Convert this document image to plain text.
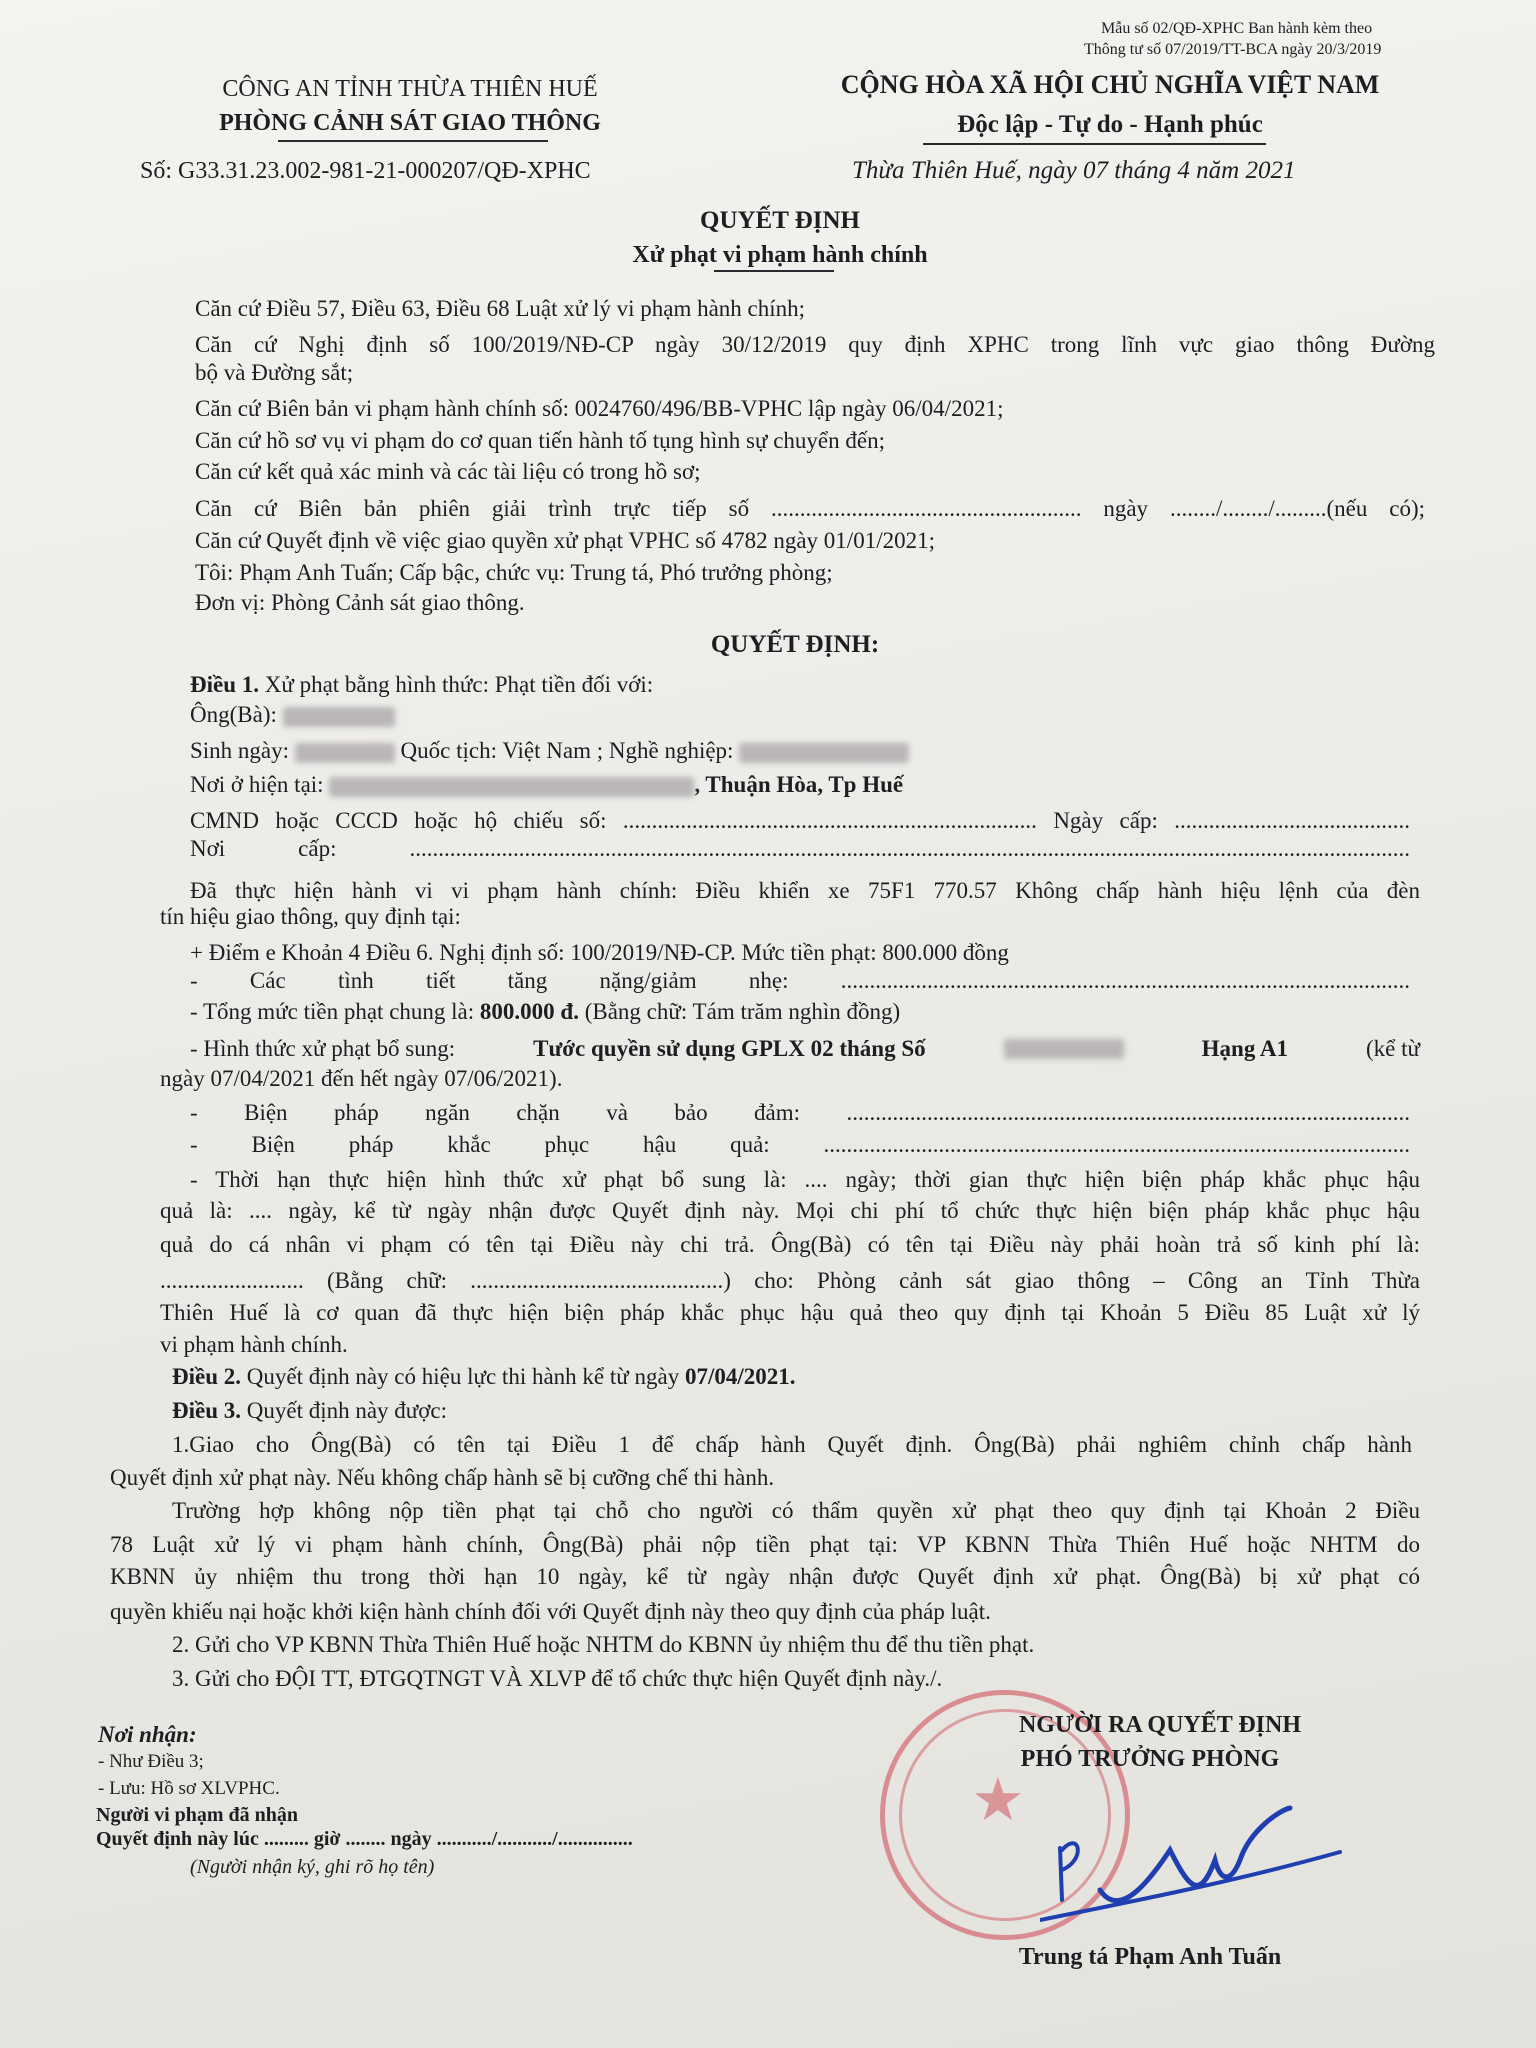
Mẫu số 02/QĐ-XPHC Ban hành kèm theo
Thông tư số 07/2019/TT-BCA ngày 20/3/2019
CÔNG AN TỈNH THỪA THIÊN HUẾ
PHÒNG CẢNH SÁT GIAO THÔNG
Số: G33.31.23.002-981-21-000207/QĐ-XPHC
CỘNG HÒA XÃ HỘI CHỦ NGHĨA VIỆT NAM
Độc lập - Tự do - Hạnh phúc
Thừa Thiên Huế, ngày 07 tháng 4 năm 2021
QUYẾT ĐỊNH
Xử phạt vi phạm hành chính
Căn cứ Điều 57, Điều 63, Điều 68 Luật xử lý vi phạm hành chính;
Căn cứ Nghị định số 100/2019/NĐ-CP ngày 30/12/2019 quy định XPHC trong lĩnh vực giao thông Đường
bộ và Đường sắt;
Căn cứ Biên bản vi phạm hành chính số: 0024760/496/BB-VPHC lập ngày 06/04/2021;
Căn cứ hồ sơ vụ vi phạm do cơ quan tiến hành tố tụng hình sự chuyển đến;
Căn cứ kết quả xác minh và các tài liệu có trong hồ sơ;
Căn cứ Biên bản phiên giải trình trực tiếp số ...................................................... ngày ......../......../.........(nếu có);
Căn cứ Quyết định về việc giao quyền xử phạt VPHC số 4782 ngày 01/01/2021;
Tôi: Phạm Anh Tuấn; Cấp bậc, chức vụ: Trung tá, Phó trưởng phòng;
Đơn vị: Phòng Cảnh sát giao thông.
QUYẾT ĐỊNH:
Điều 1. Xử phạt bằng hình thức: Phạt tiền đối với:
Ông(Bà):
Sinh ngày:	Quốc tịch: Việt Nam ; Nghề nghiệp:
Nơi ở hiện tại:	, Thuận Hòa, Tp Huế
CMND hoặc CCCD hoặc hộ chiếu số: ........................................................................ Ngày cấp: .........................................
Nơi cấp: ..............................................................................................................................................................................
Đã thực hiện hành vi vi phạm hành chính: Điều khiển xe 75F1 770.57 Không chấp hành hiệu lệnh của đèn
tín hiệu giao thông, quy định tại:
+ Điểm e Khoản 4 Điều 6. Nghị định số: 100/2019/NĐ-CP. Mức tiền phạt: 800.000 đồng
- Các tình tiết tăng nặng/giảm nhẹ: ...................................................................................................
- Tổng mức tiền phạt chung là: 800.000 đ. (Bằng chữ: Tám trăm nghìn đồng)
- Hình thức xử phạt bổ sung:	Tước quyền sử dụng GPLX 02 tháng Số	Hạng A1	(kể từ
ngày 07/04/2021 đến hết ngày 07/06/2021).
- Biện pháp ngăn chặn và bảo đảm: ..................................................................................................
- Biện pháp khắc phục hậu quả: ......................................................................................................
- Thời hạn thực hiện hình thức xử phạt bổ sung là: .... ngày; thời gian thực hiện biện pháp khắc phục hậu
quả là: .... ngày, kể từ ngày nhận được Quyết định này. Mọi chi phí tổ chức thực hiện biện pháp khắc phục hậu
quả do cá nhân vi phạm có tên tại Điều này chi trả. Ông(Bà) có tên tại Điều này phải hoàn trả số kinh phí là:
......................... (Bằng chữ: ............................................) cho: Phòng cảnh sát giao thông – Công an Tỉnh Thừa
Thiên Huế là cơ quan đã thực hiện biện pháp khắc phục hậu quả theo quy định tại Khoản 5 Điều 85 Luật xử lý
vi phạm hành chính.
Điều 2. Quyết định này có hiệu lực thi hành kể từ ngày 07/04/2021.
Điều 3. Quyết định này được:
1.Giao cho Ông(Bà) có tên tại Điều 1 để chấp hành Quyết định. Ông(Bà) phải nghiêm chỉnh chấp hành
Quyết định xử phạt này. Nếu không chấp hành sẽ bị cưỡng chế thi hành.
Trường hợp không nộp tiền phạt tại chỗ cho người có thẩm quyền xử phạt theo quy định tại Khoản 2 Điều
78 Luật xử lý vi phạm hành chính, Ông(Bà) phải nộp tiền phạt tại: VP KBNN Thừa Thiên Huế hoặc NHTM do
KBNN ủy nhiệm thu trong thời hạn 10 ngày, kể từ ngày nhận được Quyết định xử phạt. Ông(Bà) bị xử phạt có
quyền khiếu nại hoặc khởi kiện hành chính đối với Quyết định này theo quy định của pháp luật.
2. Gửi cho VP KBNN Thừa Thiên Huế hoặc NHTM do KBNN ủy nhiệm thu để thu tiền phạt.
3. Gửi cho ĐỘI TT, ĐTGQTNGT VÀ XLVP để tổ chức thực hiện Quyết định này./.
Nơi nhận:
- Như Điều 3;
- Lưu: Hồ sơ XLVPHC.
Người vi phạm đã nhận
Quyết định này lúc ......... giờ ........ ngày .........../.........../...............
(Người nhận ký, ghi rõ họ tên)
★
NGƯỜI RA QUYẾT ĐỊNH
PHÓ TRƯỞNG PHÒNG
Trung tá Phạm Anh Tuấn
